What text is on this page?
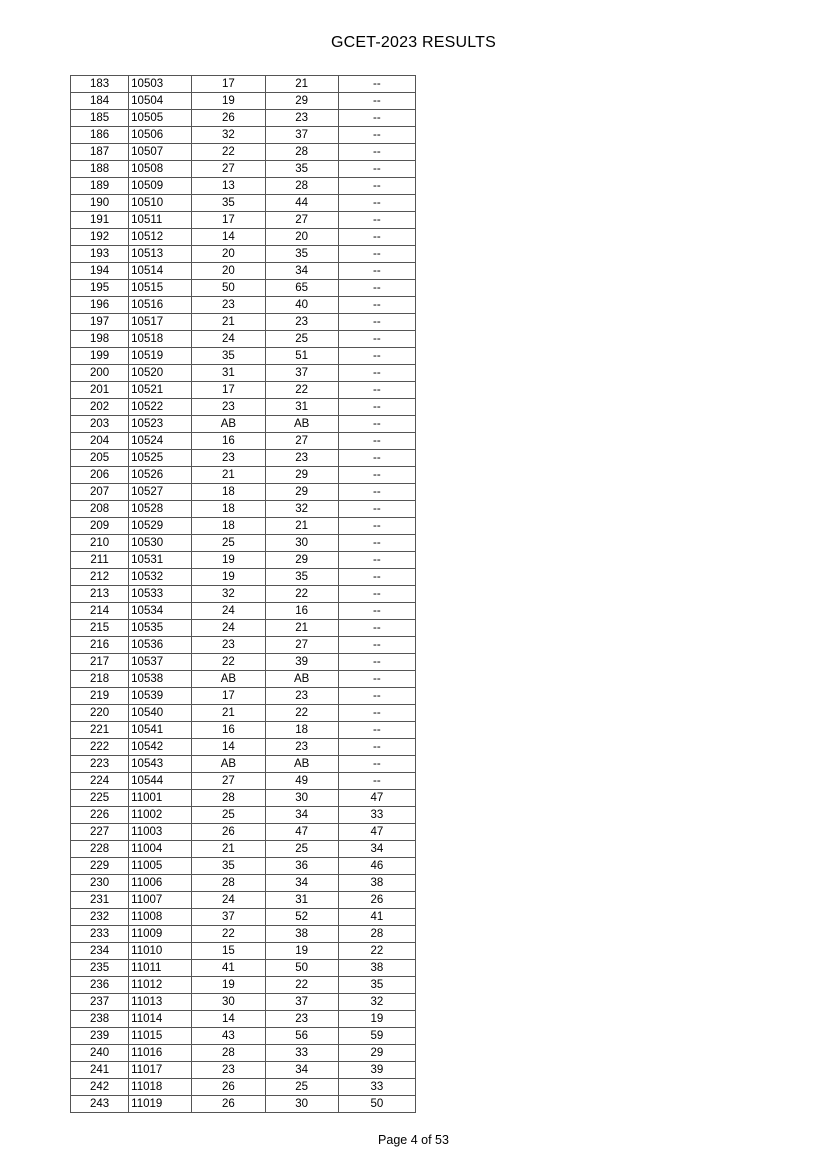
GCET-2023 RESULTS
183	10503	17	21	--
184	10504	19	29	--
185	10505	26	23	--
186	10506	32	37	--
187	10507	22	28	--
188	10508	27	35	--
189	10509	13	28	--
190	10510	35	44	--
191	10511	17	27	--
192	10512	14	20	--
193	10513	20	35	--
194	10514	20	34	--
195	10515	50	65	--
196	10516	23	40	--
197	10517	21	23	--
198	10518	24	25	--
199	10519	35	51	--
200	10520	31	37	--
201	10521	17	22	--
202	10522	23	31	--
203	10523	AB	AB	--
204	10524	16	27	--
205	10525	23	23	--
206	10526	21	29	--
207	10527	18	29	--
208	10528	18	32	--
209	10529	18	21	--
210	10530	25	30	--
211	10531	19	29	--
212	10532	19	35	--
213	10533	32	22	--
214	10534	24	16	--
215	10535	24	21	--
216	10536	23	27	--
217	10537	22	39	--
218	10538	AB	AB	--
219	10539	17	23	--
220	10540	21	22	--
221	10541	16	18	--
222	10542	14	23	--
223	10543	AB	AB	--
224	10544	27	49	--
225	11001	28	30	47
226	11002	25	34	33
227	11003	26	47	47
228	11004	21	25	34
229	11005	35	36	46
230	11006	28	34	38
231	11007	24	31	26
232	11008	37	52	41
233	11009	22	38	28
234	11010	15	19	22
235	11011	41	50	38
236	11012	19	22	35
237	11013	30	37	32
238	11014	14	23	19
239	11015	43	56	59
240	11016	28	33	29
241	11017	23	34	39
242	11018	26	25	33
243	11019	26	30	50
Page 4 of 53
